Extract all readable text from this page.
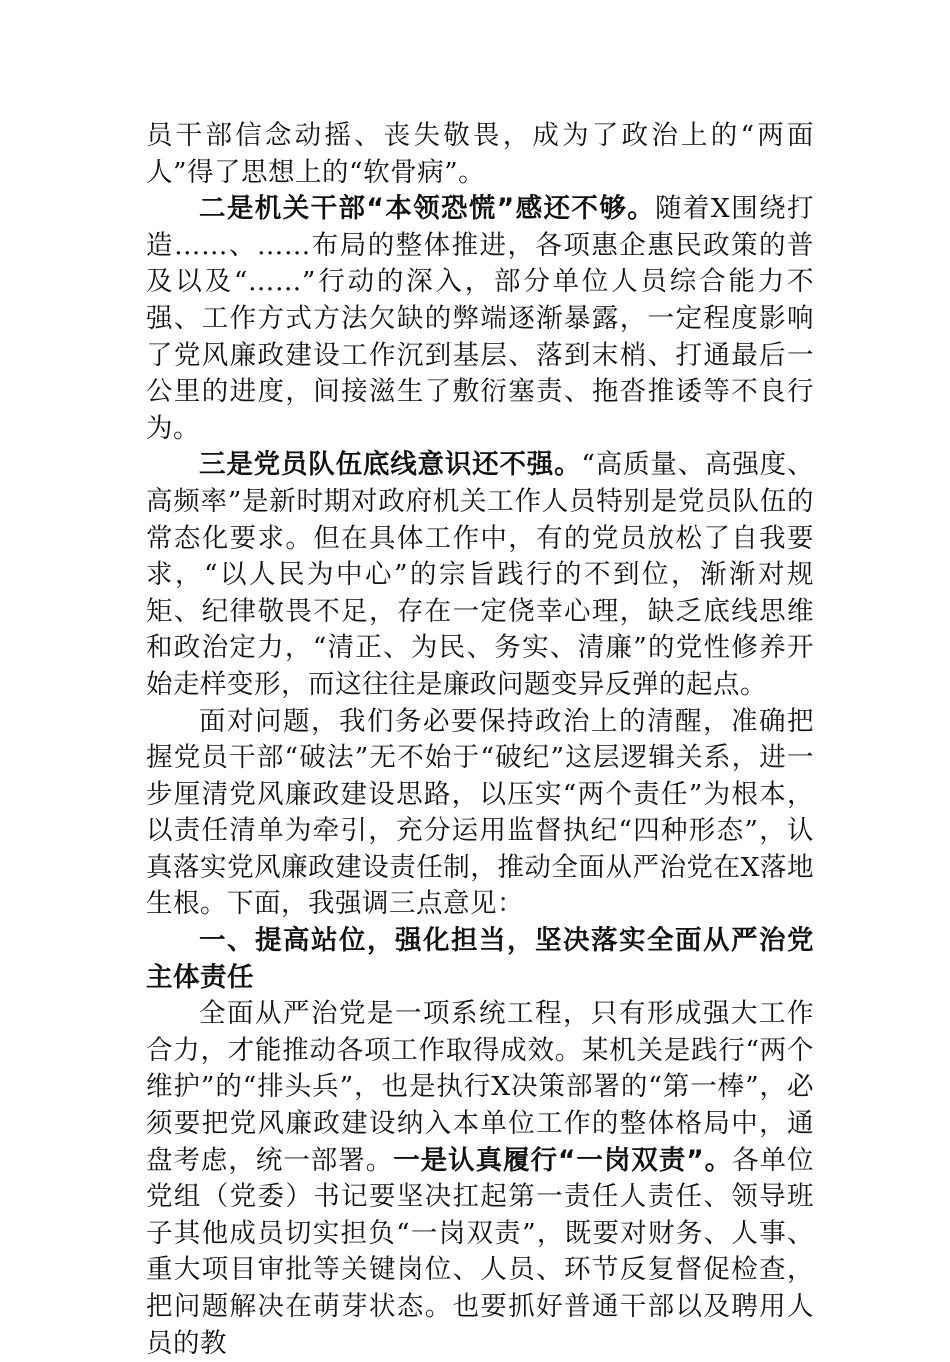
员干部信念动摇、丧失敬畏，成为了政治上的“两面人”得了思想上的“软骨病”。

二是机关干部“本领恐慌”感还不够。随着X围绕打造……、……布局的整体推进，各项惠企惠民政策的普及以及“……”行动的深入，部分单位人员综合能力不强、工作方式方法欠缺的弊端逐渐暴露，一定程度影响了党风廉政建设工作沉到基层、落到末梢、打通最后一公里的进度，间接滋生了敷衍塞责、拖沓推诿等不良行为。

三是党员队伍底线意识还不强。“高质量、高强度、高频率”是新时期对政府机关工作人员特别是党员队伍的常态化要求。但在具体工作中，有的党员放松了自我要求，“以人民为中心”的宗旨践行的不到位，渐渐对规矩、纪律敬畏不足，存在一定侥幸心理，缺乏底线思维和政治定力，“清正、为民、务实、清廉”的党性修养开始走样变形，而这往往是廉政问题变异反弹的起点。

面对问题，我们务必要保持政治上的清醒，准确把握党员干部“破法”无不始于“破纪”这层逻辑关系，进一步厘清党风廉政建设思路，以压实“两个责任”为根本，以责任清单为牵引，充分运用监督执纪“四种形态”，认真落实党风廉政建设责任制，推动全面从严治党在X落地生根。下面，我强调三点意见：

一、提高站位，强化担当，坚决落实全面从严治党主体责任

全面从严治党是一项系统工程，只有形成强大工作合力，才能推动各项工作取得成效。某机关是践行“两个维护”的“排头兵”，也是执行X决策部署的“第一棒”，必须要把党风廉政建设纳入本单位工作的整体格局中，通盘考虑，统一部署。一是认真履行“一岗双责”。各单位党组（党委）书记要坚决扛起第一责任人责任、领导班子其他成员切实担负“一岗双责”，既要对财务、人事、重大项目审批等关键岗位、人员、环节反复督促检查，把问题解决在萌芽状态。也要抓好普通干部以及聘用人员的教
